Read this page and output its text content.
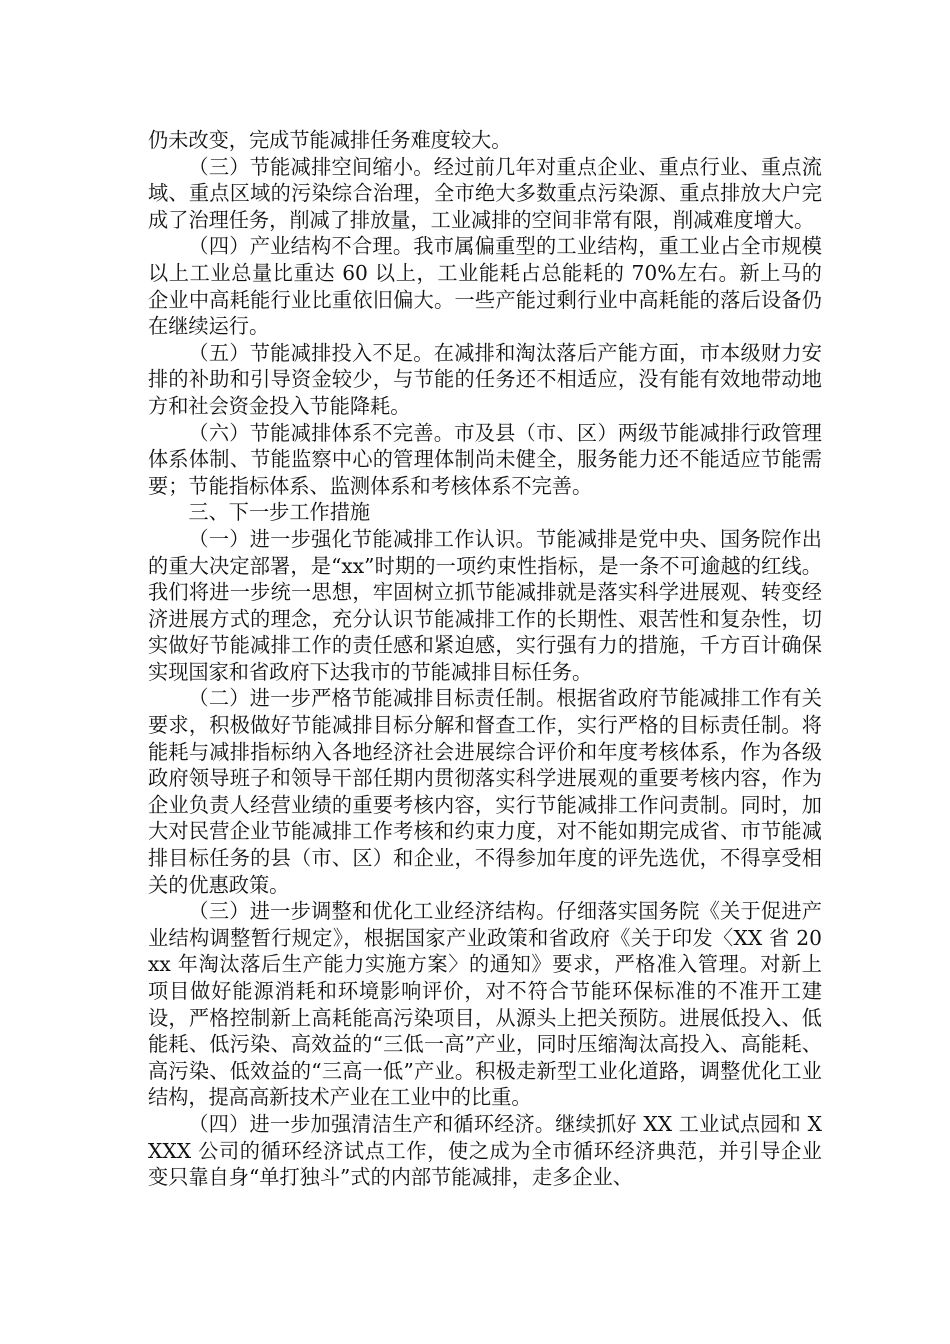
仍未改变，完成节能减排任务难度较大。

（三）节能减排空间缩小。经过前几年对重点企业、重点行业、重点流域、重点区域的污染综合治理，全市绝大多数重点污染源、重点排放大户完成了治理任务，削减了排放量，工业减排的空间非常有限，削减难度增大。

（四）产业结构不合理。我市属偏重型的工业结构，重工业占全市规模以上工业总量比重达 60 以上，工业能耗占总能耗的 70%左右。新上马的企业中高耗能行业比重依旧偏大。一些产能过剩行业中高耗能的落后设备仍在继续运行。

（五）节能减排投入不足。在减排和淘汰落后产能方面，市本级财力安排的补助和引导资金较少，与节能的任务还不相适应，没有能有效地带动地方和社会资金投入节能降耗。

（六）节能减排体系不完善。市及县（市、区）两级节能减排行政管理体系体制、节能监察中心的管理体制尚未健全，服务能力还不能适应节能需要；节能指标体系、监测体系和考核体系不完善。

三、下一步工作措施

（一）进一步强化节能减排工作认识。节能减排是党中央、国务院作出的重大决定部署，是“xx”时期的一项约束性指标，是一条不可逾越的红线。我们将进一步统一思想，牢固树立抓节能减排就是落实科学进展观、转变经济进展方式的理念，充分认识节能减排工作的长期性、艰苦性和复杂性，切实做好节能减排工作的责任感和紧迫感，实行强有力的措施，千方百计确保实现国家和省政府下达我市的节能减排目标任务。

（二）进一步严格节能减排目标责任制。根据省政府节能减排工作有关要求，积极做好节能减排目标分解和督查工作，实行严格的目标责任制。将能耗与减排指标纳入各地经济社会进展综合评价和年度考核体系，作为各级政府领导班子和领导干部任期内贯彻落实科学进展观的重要考核内容，作为企业负责人经营业绩的重要考核内容，实行节能减排工作问责制。同时，加大对民营企业节能减排工作考核和约束力度，对不能如期完成省、市节能减排目标任务的县（市、区）和企业，不得参加年度的评先选优，不得享受相关的优惠政策。

（三）进一步调整和优化工业经济结构。仔细落实国务院《关于促进产业结构调整暂行规定》，根据国家产业政策和省政府《关于印发〈XX 省 20xx 年淘汰落后生产能力实施方案〉的通知》要求，严格准入管理。对新上项目做好能源消耗和环境影响评价，对不符合节能环保标准的不准开工建设，严格控制新上高耗能高污染项目，从源头上把关预防。进展低投入、低能耗、低污染、高效益的“三低一高”产业，同时压缩淘汰高投入、高能耗、高污染、低效益的“三高一低”产业。积极走新型工业化道路，调整优化工业结构，提高高新技术产业在工业中的比重。

（四）进一步加强清洁生产和循环经济。继续抓好 XX 工业试点园和 XXXX 公司的循环经济试点工作，使之成为全市循环经济典范，并引导企业变只靠自身“单打独斗”式的内部节能减排，走多企业、
